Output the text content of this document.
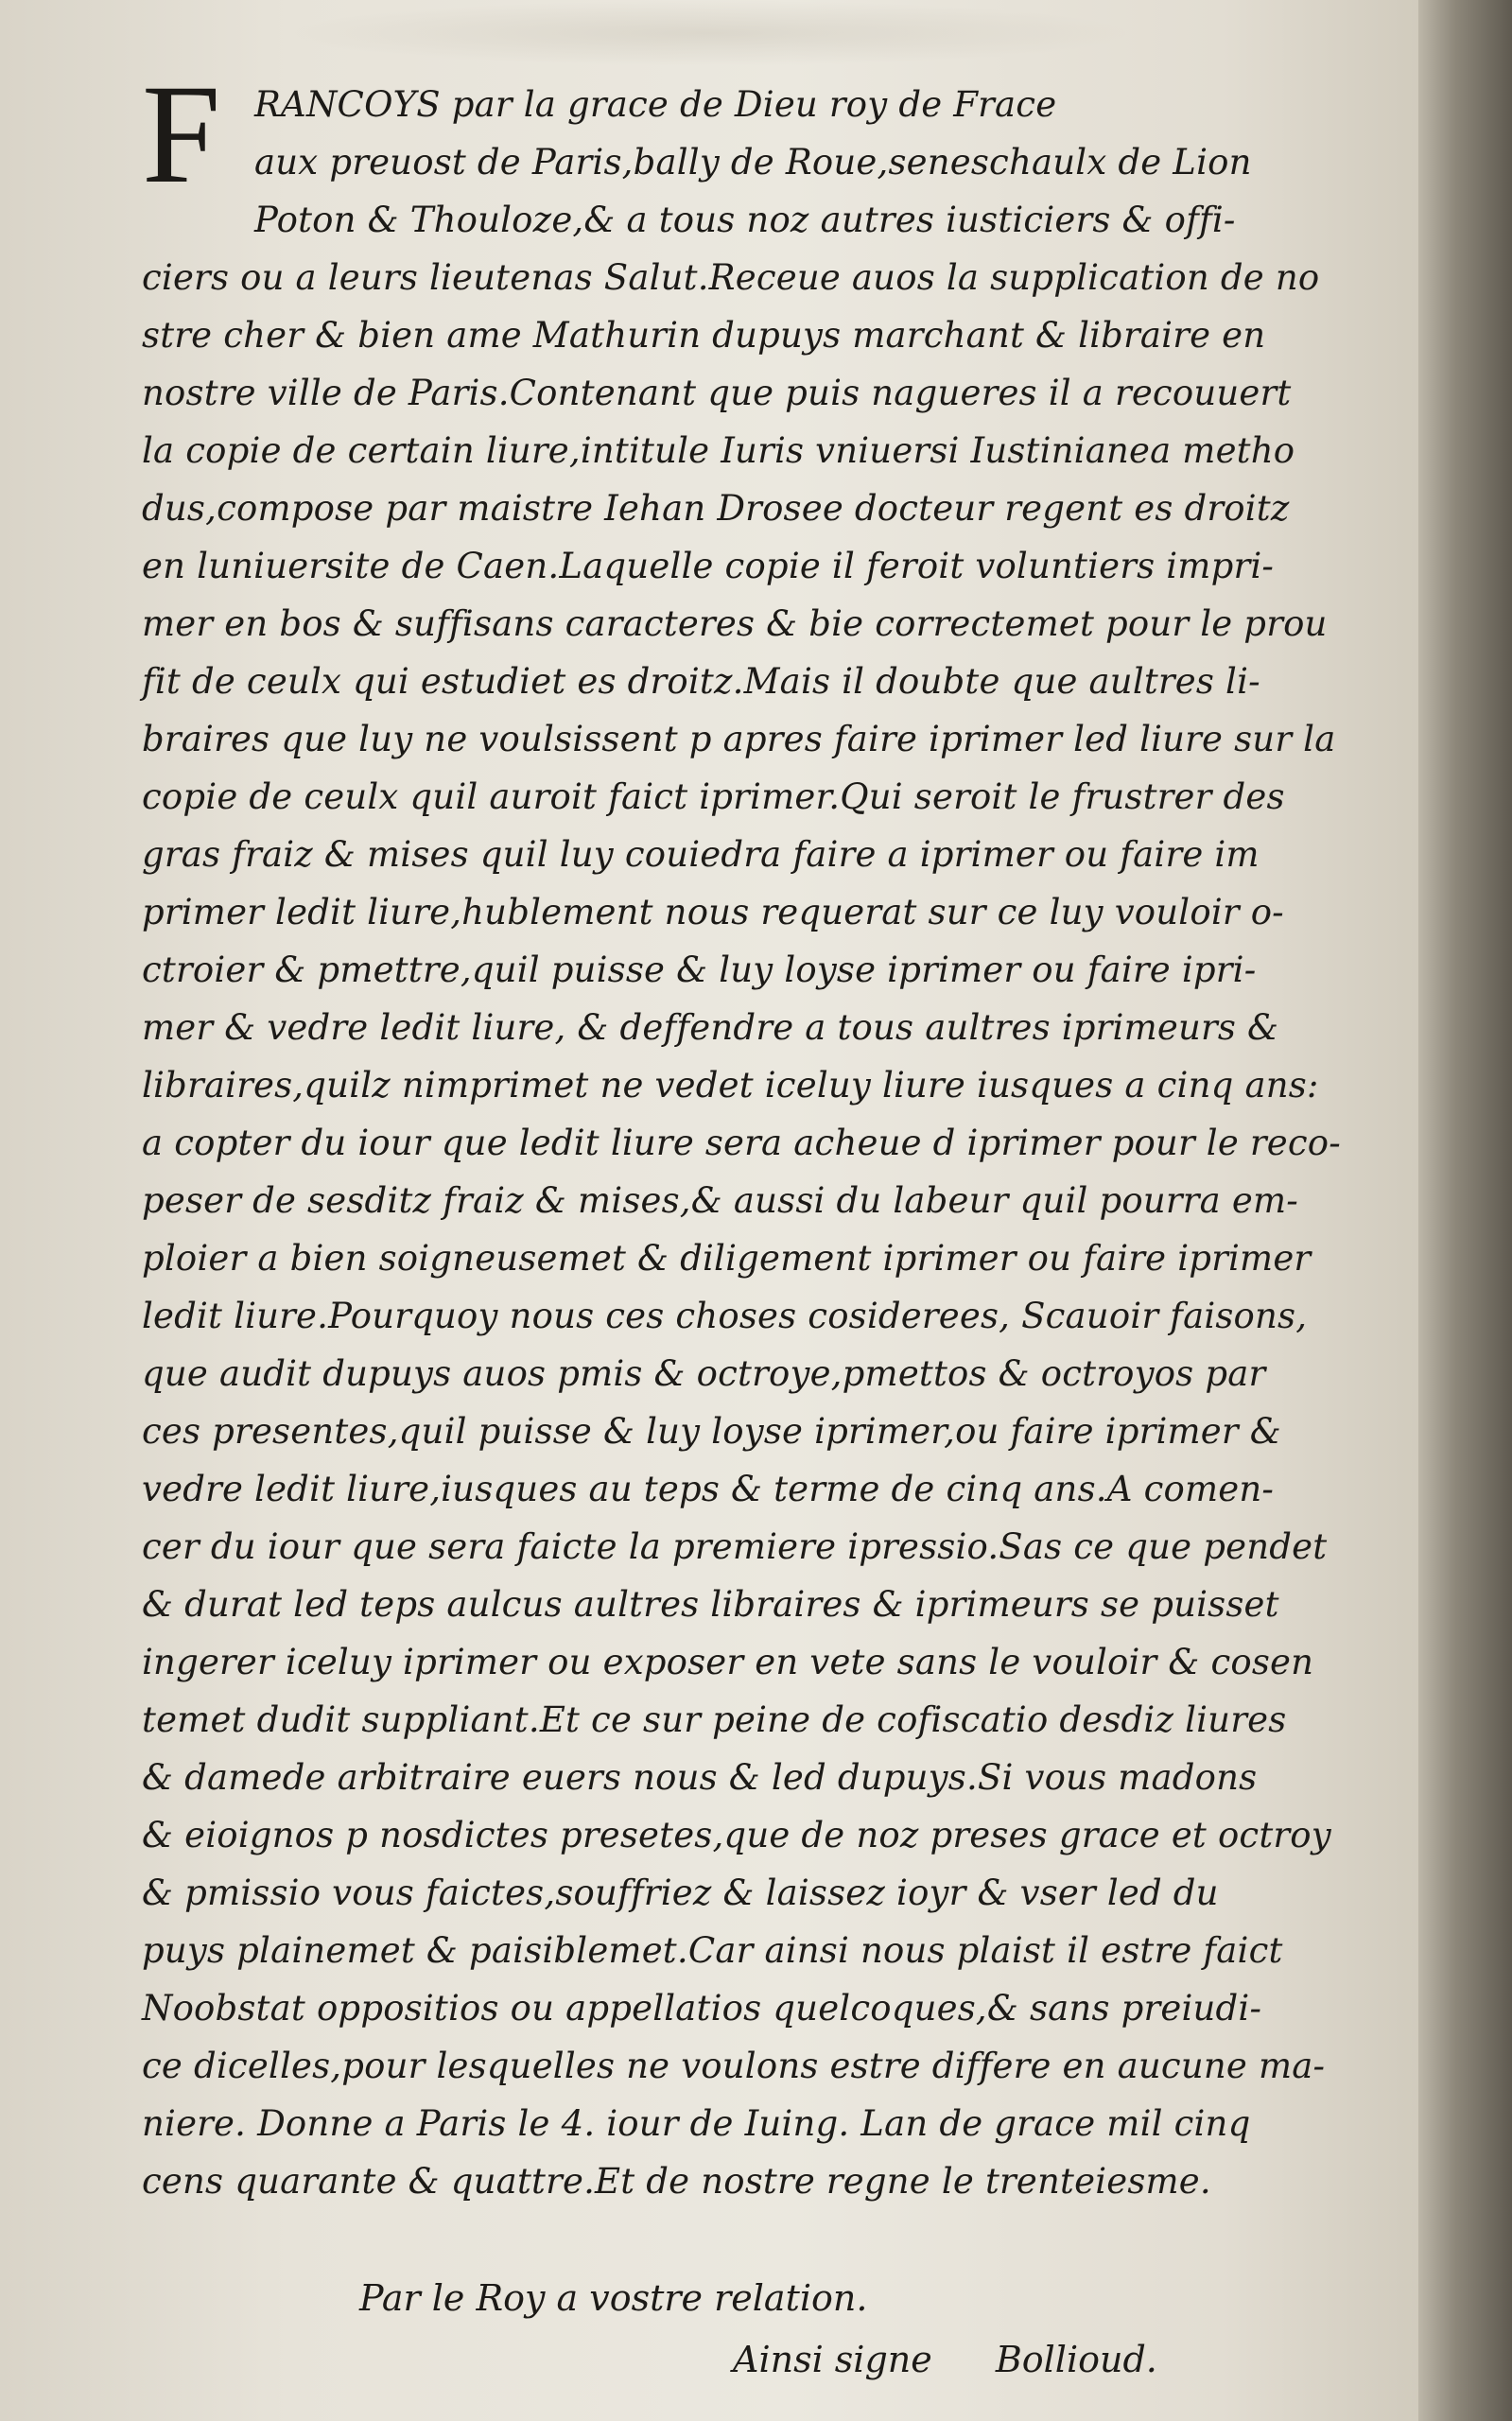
F RANCOYS par la grace de Dieu roy de Frace

aux preuost de Paris,bally de Roue,seneschaulx de Lion

Poton & Thouloze,& a tous noz autres iusticiers & offi-

ciers ou a leurs lieutenas Salut.Receue auos la supplication de no

stre cher & bien ame Mathurin dupuys marchant & libraire en

nostre ville de Paris.Contenant que puis nagueres il a recouuert

la copie de certain liure,intitule Iuris vniuersi Iustinianea metho

dus,compose par maistre Iehan Drosee docteur regent es droitz

en luniuersite de Caen.Laquelle copie il feroit voluntiers impri-

mer en bos & suffisans caracteres & bie correctemet pour le prou

fit de ceulx qui estudiet es droitz.Mais il doubte que aultres li-

braires que luy ne voulsissent p apres faire iprimer led liure sur la

copie de ceulx quil auroit faict iprimer.Qui seroit le frustrer des

gras fraiz & mises quil luy couiedra faire a iprimer ou faire im

primer ledit liure,hublement nous requerat sur ce luy vouloir o-

ctroier & pmettre,quil puisse & luy loyse iprimer ou faire ipri-

mer & vedre ledit liure, & deffendre a tous aultres iprimeurs &

libraires,quilz nimprimet ne vedet iceluy liure iusques a cinq ans:

a copter du iour que ledit liure sera acheue d iprimer pour le reco-

peser de sesditz fraiz & mises,& aussi du labeur quil pourra em-

ploier a bien soigneusemet & diligement iprimer ou faire iprimer

ledit liure.Pourquoy nous ces choses cosiderees, Scauoir faisons,

que audit dupuys auos pmis & octroye,pmettos & octroyos par

ces presentes,quil puisse & luy loyse iprimer,ou faire iprimer &

vedre ledit liure,iusques au teps & terme de cinq ans.A comen-

cer du iour que sera faicte la premiere ipressio.Sas ce que pendet

& durat led teps aulcus aultres libraires & iprimeurs se puisset

ingerer iceluy iprimer ou exposer en vete sans le vouloir & cosen

temet dudit suppliant.Et ce sur peine de cofiscatio desdiz liures

& damede arbitraire euers nous & led dupuys.Si vous madons

& eioignos p nosdictes presetes,que de noz preses grace et octroy

& pmissio vous faictes,souffriez & laissez ioyr & vser led du

puys plainemet & paisiblemet.Car ainsi nous plaist il estre faict

Noobstat oppositios ou appellatios quelcoques,& sans preiudi-

ce dicelles,pour lesquelles ne voulons estre differe en aucune ma-

niere. Donne a Paris le 4. iour de Iuing. Lan de grace mil cinq

cens quarante & quattre.Et de nostre regne le trenteiesme.

Par le Roy a vostre relation.
Ainsi signe Bollioud.
